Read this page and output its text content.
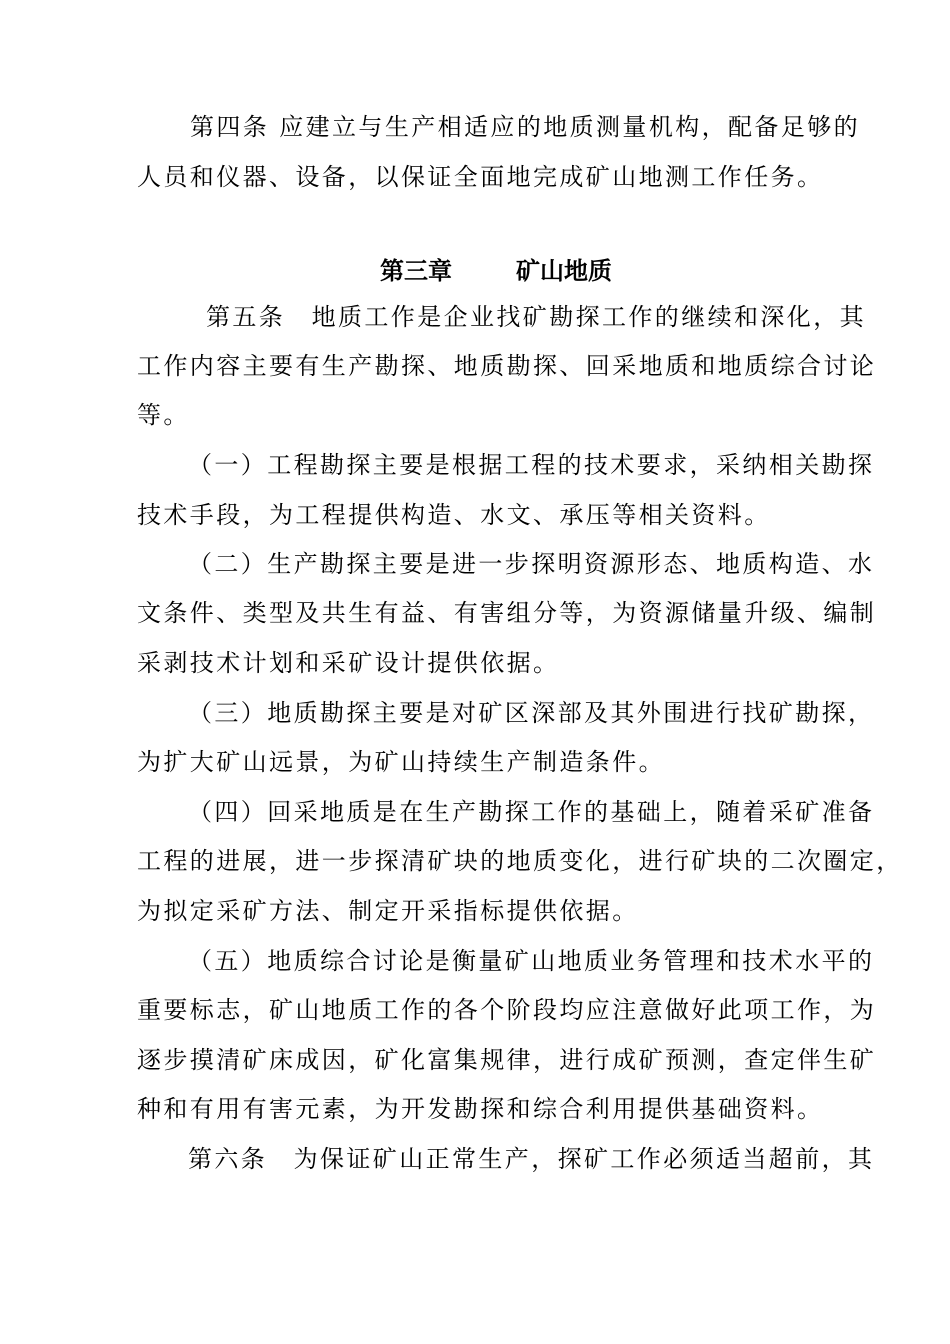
第四条 应建立与生产相适应的地质测量机构，配备足够的
人员和仪器、设备，以保证全面地完成矿山地测工作任务。
第三章	矿山地质
第五条　地质工作是企业找矿勘探工作的继续和深化，其
工作内容主要有生产勘探、地质勘探、回采地质和地质综合讨论
等。
（一）工程勘探主要是根据工程的技术要求，采纳相关勘探
技术手段，为工程提供构造、水文、承压等相关资料。
（二）生产勘探主要是进一步探明资源形态、地质构造、水
文条件、类型及共生有益、有害组分等，为资源储量升级、编制
采剥技术计划和采矿设计提供依据。
（三）地质勘探主要是对矿区深部及其外围进行找矿勘探，
为扩大矿山远景，为矿山持续生产制造条件。
（四）回采地质是在生产勘探工作的基础上，随着采矿准备
工程的进展，进一步探清矿块的地质变化，进行矿块的二次圈定，
为拟定采矿方法、制定开采指标提供依据。
（五）地质综合讨论是衡量矿山地质业务管理和技术水平的
重要标志，矿山地质工作的各个阶段均应注意做好此项工作，为
逐步摸清矿床成因，矿化富集规律，进行成矿预测，查定伴生矿
种和有用有害元素，为开发勘探和综合利用提供基础资料。
第六条　为保证矿山正常生产，探矿工作必须适当超前，其
